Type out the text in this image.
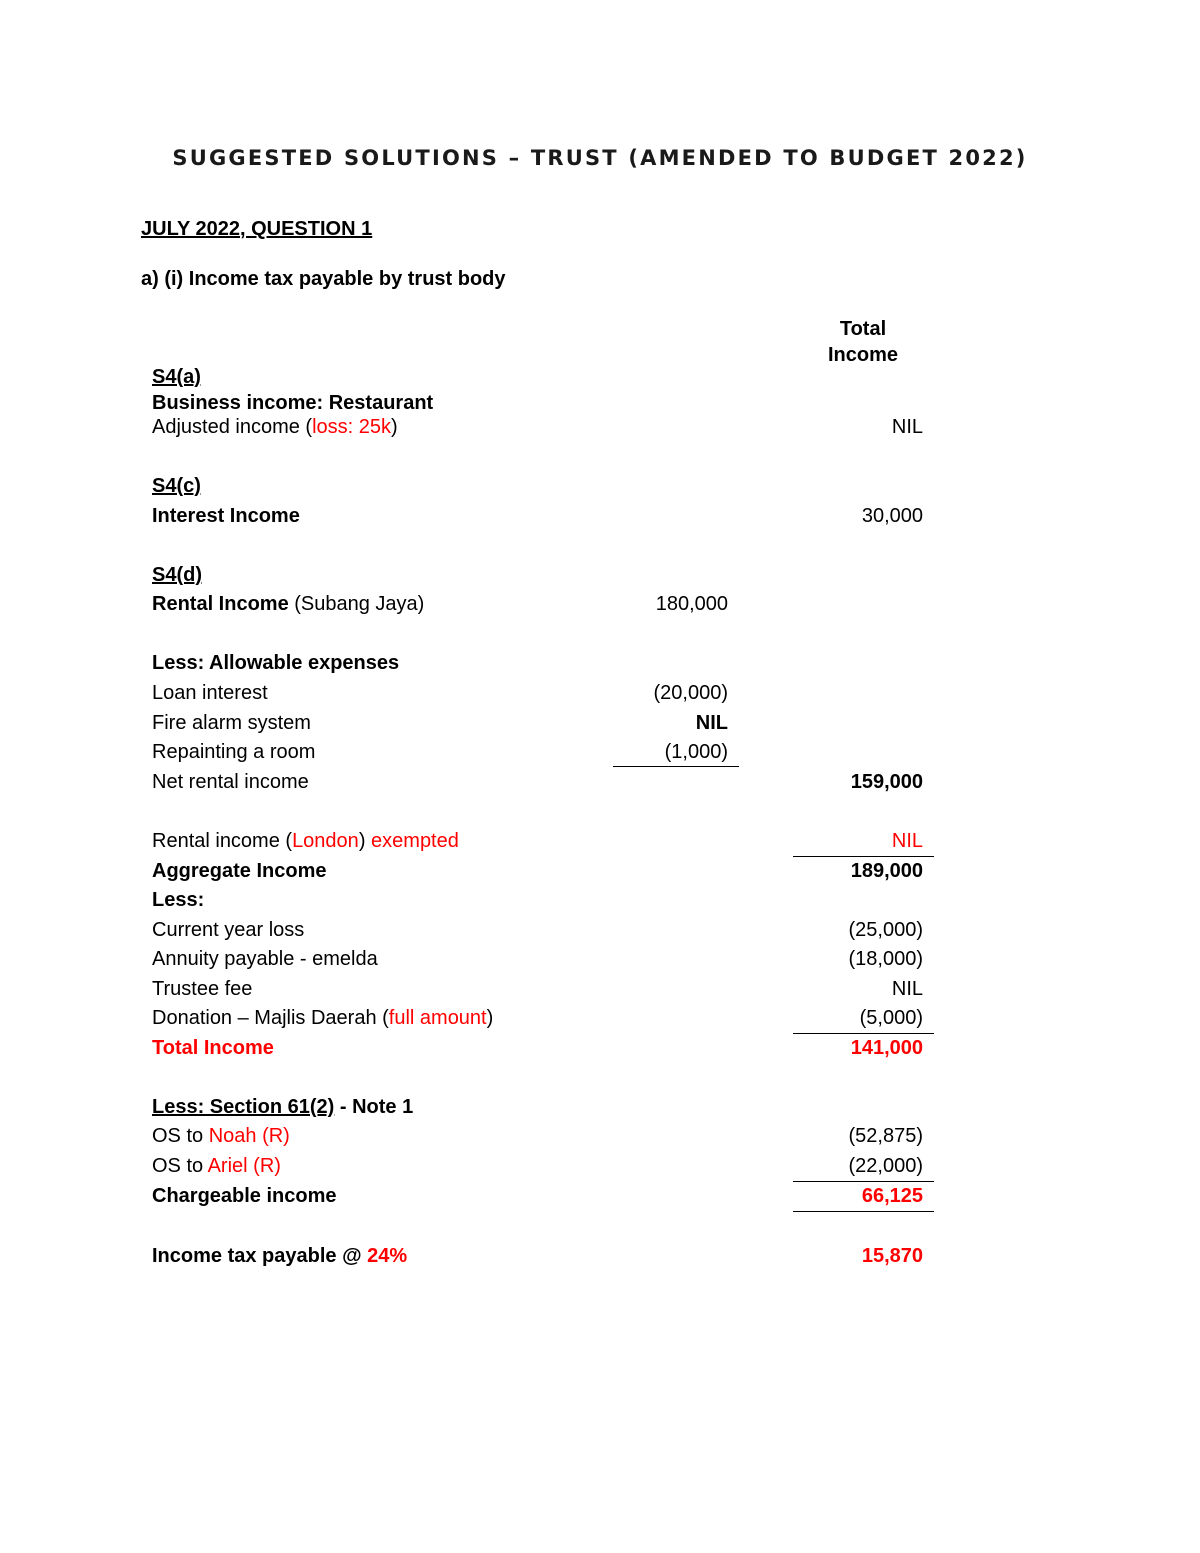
SUGGESTED SOLUTIONS – TRUST (AMENDED TO BUDGET 2022)
JULY 2022, QUESTION 1
a) (i) Income tax payable by trust body
Total
Income
S4(a)
Business income: Restaurant
Adjusted income (loss: 25k)	NIL
S4(c)
Interest Income	30,000
S4(d)
Rental Income (Subang Jaya)	180,000
Less: Allowable expenses
Loan interest	(20,000)
Fire alarm system	NIL
Repainting a room	(1,000)
Net rental income	159,000
Rental income (London) exempted	NIL
Aggregate Income	189,000
Less:
Current year loss	(25,000)
Annuity payable - emelda	(18,000)
Trustee fee	NIL
Donation – Majlis Daerah (full amount)	(5,000)
Total Income	141,000
Less: Section 61(2) - Note 1
OS to Noah (R)	(52,875)
OS to Ariel (R)	(22,000)
Chargeable income	66,125
Income tax payable @ 24%	15,870
